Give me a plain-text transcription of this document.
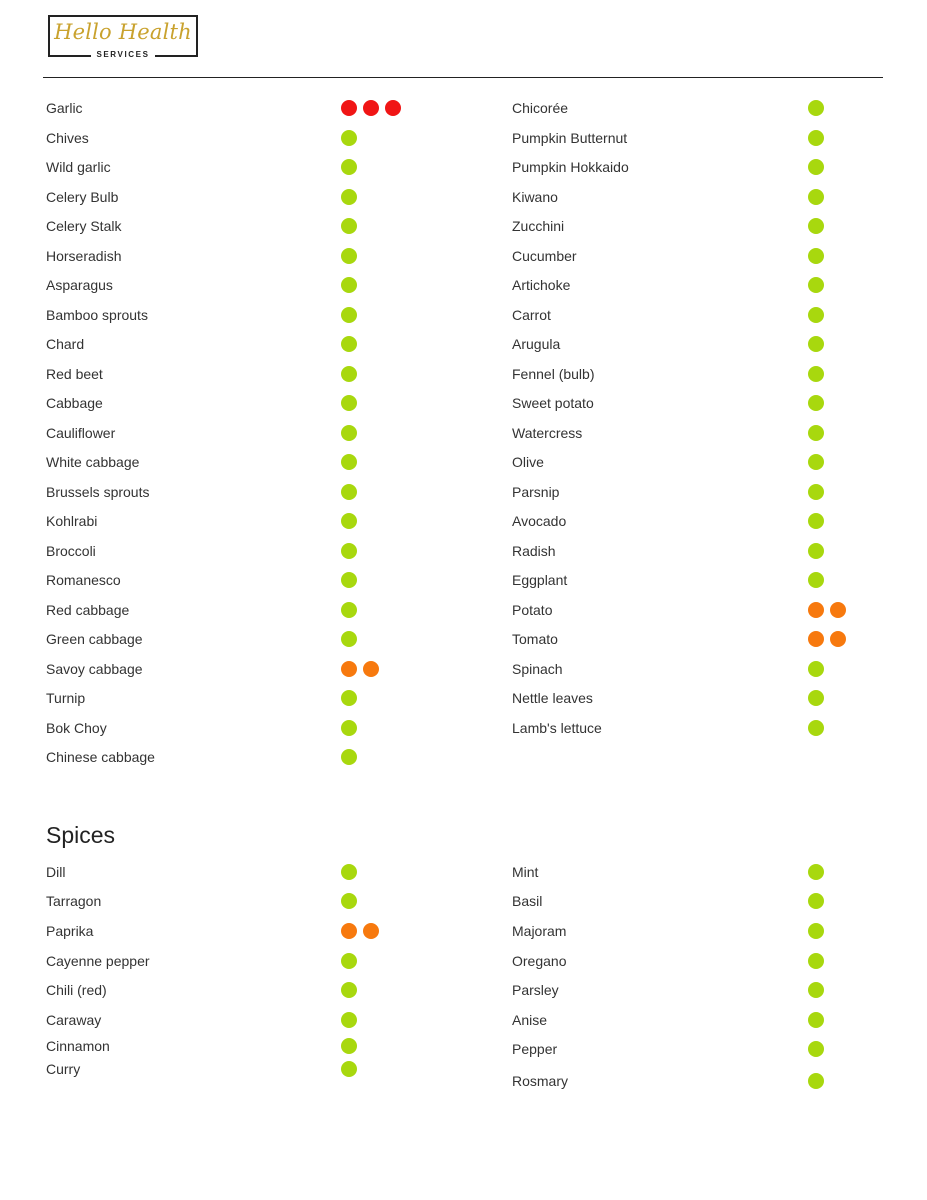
Hello Health
SERVICES
Garlic
Chives
Wild garlic
Celery Bulb
Celery Stalk
Horseradish
Asparagus
Bamboo sprouts
Chard
Red beet
Cabbage
Cauliflower
White cabbage
Brussels sprouts
Kohlrabi
Broccoli
Romanesco
Red cabbage
Green cabbage
Savoy cabbage
Turnip
Bok Choy
Chinese cabbage
Chicorée
Pumpkin Butternut
Pumpkin Hokkaido
Kiwano
Zucchini
Cucumber
Artichoke
Carrot
Arugula
Fennel (bulb)
Sweet potato
Watercress
Olive
Parsnip
Avocado
Radish
Eggplant
Potato
Tomato
Spinach
Nettle leaves
Lamb's lettuce
Spices
Dill
Tarragon
Paprika
Cayenne pepper
Chili (red)
Caraway
Cinnamon
Curry
Mint
Basil
Majoram
Oregano
Parsley
Anise
Pepper
Rosmary
